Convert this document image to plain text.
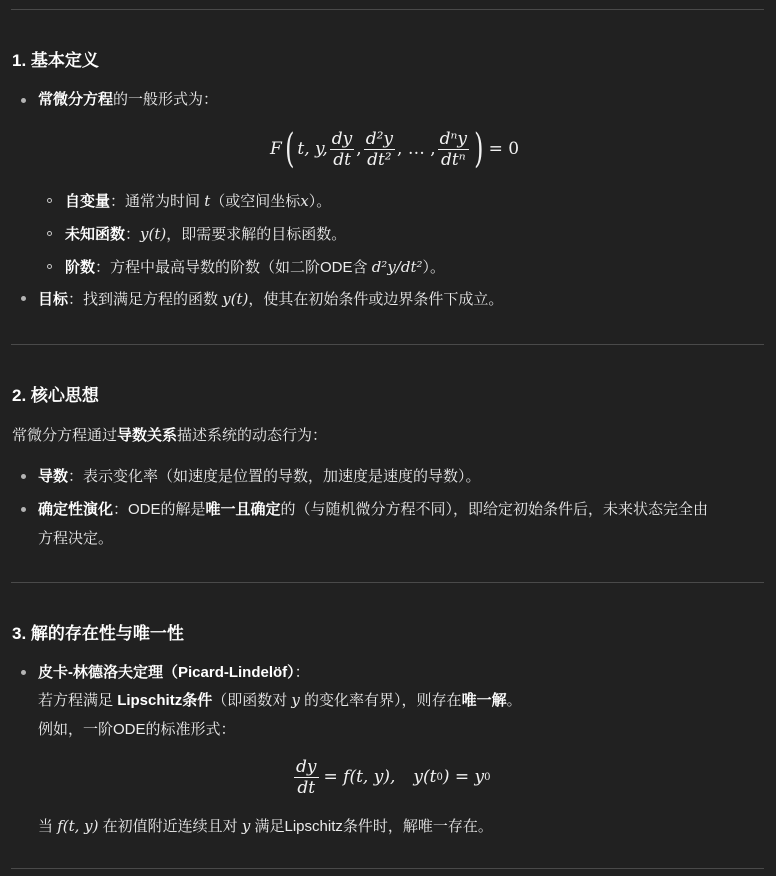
1. 基本定义
常微分方程的一般形式为：
F ( t, y, $\frac{dy}{dt}$ , $\frac{\text{d²y}}{\text{dt²}}$ , … , $\frac{\text{dⁿy}}{\text{dtⁿ}}$ ) = 0
自变量：通常为时间 t（或空间坐标x）。
未知函数：y(t)，即需要求解的目标函数。
阶数：方程中最高导数的阶数（如二阶ODE含 d²y/dt²）。
目标：找到满足方程的函数 y(t)，使其在初始条件或边界条件下成立。
2. 核心思想
常微分方程通过导数关系描述系统的动态行为：
导数：表示变化率（如速度是位置的导数，加速度是速度的导数）。
确定性演化：ODE的解是唯一且确定的（与随机微分方程不同），即给定初始条件后，未来状态完全由
方程决定。
3. 解的存在性与唯一性
皮卡-林德洛夫定理（Picard-Lindelöf）：
若方程满足 Lipschitz条件（即函数对 y 的变化率有界），则存在唯一解。
例如，一阶ODE的标准形式：
$\frac{dy}{dt} = f(t$, y), y(t 0 ) = y 0
当 f(t, y) 在初值附近连续且对 y 满足Lipschitz条件时，解唯一存在。
